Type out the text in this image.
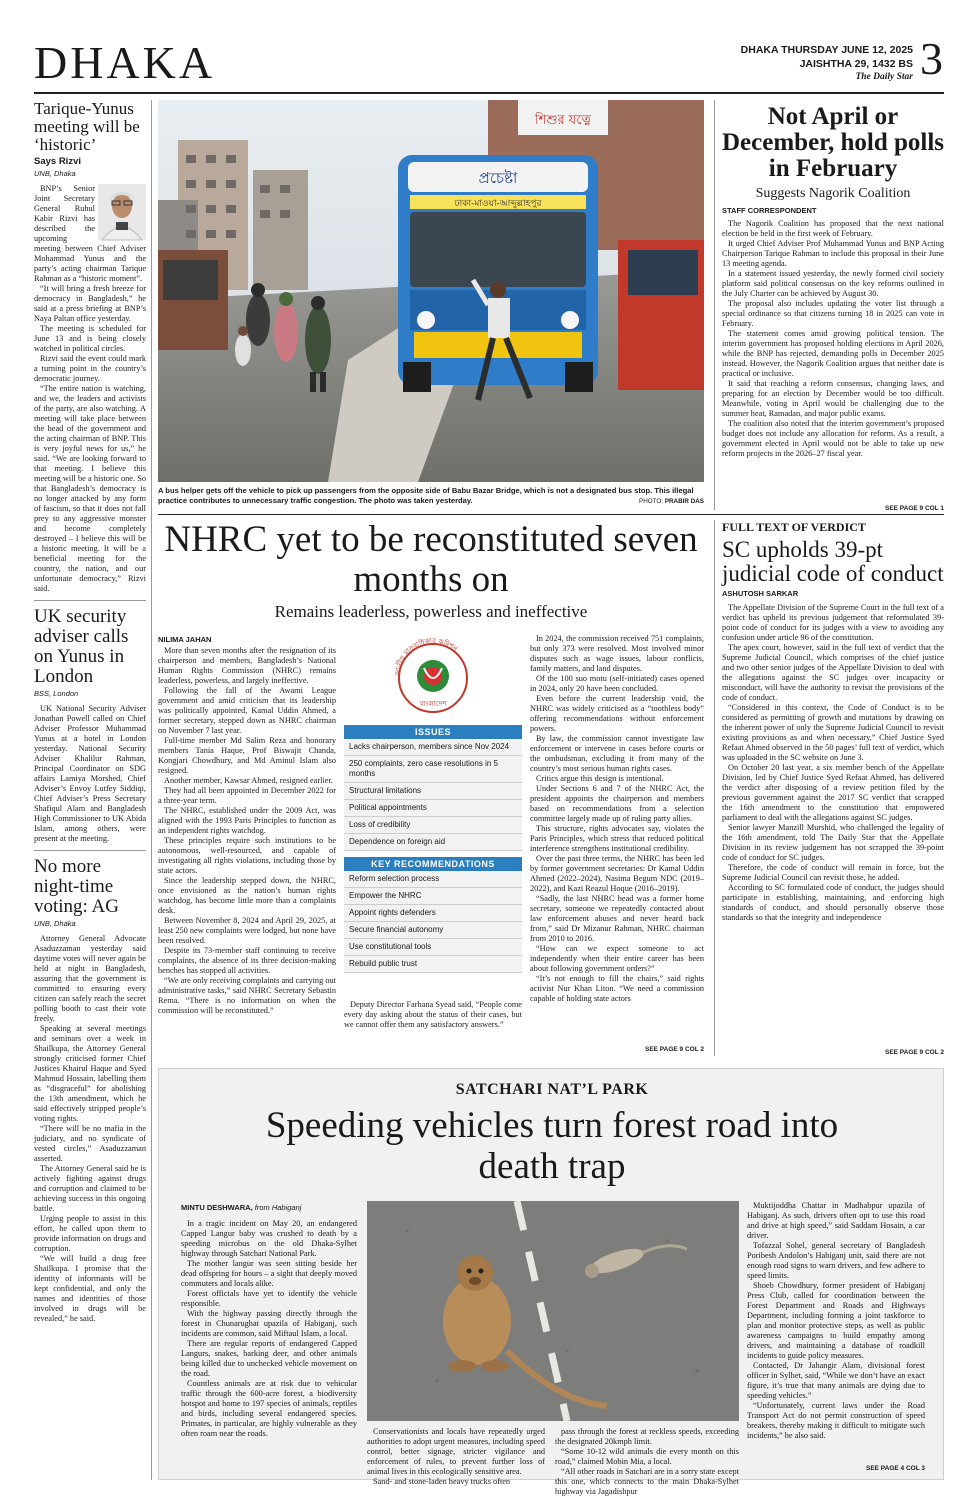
DHAKA	DHAKA THURSDAY JUNE 12, 2025
JAISHTHA 29, 1432 BS
The Daily Star 3
Tarique-Yunus meeting will be ‘historic’
Says Rizvi
UNB, Dhaka

BNP’s Senior Joint Secretary General Ruhul Kabir Rizvi has described the upcoming meeting between Chief Adviser Mohammad Yunus and the party’s acting chairman Tarique Rahman as a “historic moment”.

“It will bring a fresh breeze for democracy in Bangladesh,” he said at a press briefing at BNP’s Naya Paltan office yesterday.

The meeting is scheduled for June 13 and is being closely watched in political circles.

Rizvi said the event could mark a turning point in the country’s democratic journey.

“The entire nation is watching, and we, the leaders and activists of the party, are also watching. A meeting will take place between the head of the government and the acting chairman of BNP. This is very joyful news for us,” he said. “We are looking forward to that meeting. I believe this meeting will be a historic one. So that Bangladesh’s democracy is no longer attacked by any form of fascism, so that it does not fall prey to any aggressive monster and become completely destroyed – I believe this will be a historic meeting. It will be a beneficial meeting for the country, the nation, and our unfortunate democracy,” Rizvi said.

UK security adviser calls on Yunus in London
BSS, London

UK National Security Adviser Jonathan Powell called on Chief Adviser Professor Muhammad Yunus at a hotel in London yesterday. National Security Adviser Khalilur Rahman, Principal Coordinator on SDG affairs Lamiya Morshed, Chief Adviser’s Envoy Lutfey Siddiqi, Chief Adviser’s Press Secretary Shafiqul Alam and Bangladesh High Commissioner to UK Abida Islam, among others, were present at the meeting.

No more night-time voting: AG
UNB, Dhaka

Attorney General Advocate Asaduzzaman yesterday said daytime votes will never again be held at night in Bangladesh, assuring that the government is committed to ensuring every citizen can safely reach the secret polling booth to cast their vote freely.

Speaking at several meetings and seminars over a week in Shailkupa, the Attorney General strongly criticised former Chief Justices Khairul Haque and Syed Mahmud Hossain, labelling them as “disgraceful” for abolishing the 13th amendment, which he said effectively stripped people’s voting rights.

“There will be no mafia in the judiciary, and no syndicate of vested circles,” Asaduzzaman asserted.

The Attorney General said he is actively fighting against drugs and corruption and claimed to be achieving success in this ongoing battle.

Urging people to assist in this effort, he called upon them to provide information on drugs and corruption.

“We will build a drug free Shailkupa. I promise that the identity of informants will be kept confidential, and only the names and identities of those involved in drugs will be revealed,” he said.

শিশুর যত্নে
প্রচেষ্টা
ঢাকা-মাওয়া-আব্দুল্লাহপুর
A bus helper gets off the vehicle to pick up passengers from the opposite side of Babu Bazar Bridge, which is not a designated bus stop. This illegal practice contributes to unnecessary traffic congestion. The photo was taken yesterday.	PHOTO: PRABIR DAS
Not April or December, hold polls in February
Suggests Nagorik Coalition
STAFF CORRESPONDENT

The Nagorik Coalition has proposed that the next national election be held in the first week of February.

It urged Chief Adviser Prof Muhammad Yunus and BNP Acting Chairperson Tarique Rahman to include this proposal in their June 13 meeting agenda.

In a statement issued yesterday, the newly formed civil society platform said political consensus on the key reforms outlined in the July Charter can be achieved by August 30.

The proposal also includes updating the voter list through a special ordinance so that citizens turning 18 in 2025 can vote in February.

The statement comes amid growing political tension. The interim government has proposed holding elections in April 2026, while the BNP has rejected, demanding polls in December 2025 instead. However, the Nagorik Coalition argues that neither date is practical or inclusive.

It said that reaching a reform consensus, changing laws, and preparing for an election by December would be too difficult. Meanwhile, voting in April would be challenging due to the summer heat, Ramadan, and major public exams.

The coalition also noted that the interim government’s proposed budget does not include any allocation for reform. As a result, a government elected in April would not be able to take up new reform projects in the 2026–27 fiscal year.

SEE PAGE 9 COL 1
NHRC yet to be reconstituted seven months on
Remains leaderless, powerless and ineffective
NILIMA JAHAN

More than seven months after the resignation of its chairperson and members, Bangladesh’s National Human Rights Commission (NHRC) remains leaderless, powerless, and largely ineffective.

Following the fall of the Awami League government and amid criticism that its leadership was politically appointed, Kamal Uddin Ahmed, a former secretary, stepped down as NHRC chairman on November 7 last year.

Full-time member Md Salim Reza and honorary members Tania Haque, Prof Biswajit Chanda, Kongjari Chowdhury, and Md Aminul Islam also resigned.

Another member, Kawsar Ahmed, resigned earlier.

They had all been appointed in December 2022 for a three-year term.

The NHRC, established under the 2009 Act, was aligned with the 1993 Paris Principles to function as an independent rights watchdog.

These principles require such institutions to be autonomous, well-resourced, and capable of investigating all rights violations, including those by state actors.

Since the leadership stepped down, the NHRC, once envisioned as the nation’s human rights watchdog, has become little more than a complaints desk.

Between November 8, 2024 and April 29, 2025, at least 250 new complaints were lodged, but none have been resolved.

Despite its 73-member staff continuing to receive complaints, the absence of its three decision-making benches has stopped all activities.

“We are only receiving complaints and carrying out administrative tasks,” said NHRC Secretary Sebastin Rema. “There is no information on when the commission will be reconstituted.”

Deputy Director Farhana Syead said, “People come every day asking about the status of their cases, but we cannot offer them any satisfactory answers.”

জাতীয় মানবাধিকার কমিশন
বাংলাদেশ
ISSUES
Lacks chairperson, members since Nov 2024
250 complaints, zero case resolutions in 5 months
Structural limitations
Political appointments
Loss of credibility
Dependence on foreign aid
KEY RECOMMENDATIONS
Reform selection process
Empower the NHRC
Appoint rights defenders
Secure financial autonomy
Use constitutional tools
Rebuild public trust

In 2024, the commission received 751 complaints, but only 373 were resolved. Most involved minor disputes such as wage issues, labour conflicts, family matters, and land disputes.

Of the 100 suo motu (self-initiated) cases opened in 2024, only 20 have been concluded.

Even before the current leadership void, the NHRC was widely criticised as a “toothless body” offering recommendations without enforcement powers.

By law, the commission cannot investigate law enforcement or intervene in cases before courts or the ombudsman, excluding it from many of the country’s most serious human rights cases.

Critics argue this design is intentional.

Under Sections 6 and 7 of the NHRC Act, the president appoints the chairperson and members based on recommendations from a selection committee largely made up of ruling party allies.

This structure, rights advocates say, violates the Paris Principles, which stress that reduced political interference strengthens institutional credibility.

Over the past three terms, the NHRC has been led by former government secretaries: Dr Kamal Uddin Ahmed (2022–2024), Nasima Begum NDC (2019–2022), and Kazi Reazul Hoque (2016–2019).

“Sadly, the last NHRC head was a former home secretary, someone we repeatedly contacted about law enforcement abuses and never heard back from,” said Dr Mizanur Rahman, NHRC chairman from 2010 to 2016.

“How can we expect someone to act independently when their entire career has been about following government orders?”

“It’s not enough to fill the chairs,” said rights activist Nur Khan Liton. “We need a commission capable of holding state actors

SEE PAGE 9 COL 2
FULL TEXT OF VERDICT
SC upholds 39-pt judicial code of conduct
ASHUTOSH SARKAR

The Appellate Division of the Supreme Court in the full text of a verdict has upheld its previous judgement that reformulated 39-point code of conduct for its judges with a view to avoiding any confusion under article 96 of the constitution.

The apex court, however, said in the full text of verdict that the Supreme Judicial Council, which comprises of the chief justice and two other senior judges of the Appellate Division to deal with the allegations against the SC judges over incapacity or misconduct, will have the authority to revisit the provisions of the code of conduct.

“Considered in this context, the Code of Conduct is to be considered as permitting of growth and mutations by drawing on the inherent power of only the Supreme Judicial Council to revisit existing provisions as and when necessary,” Chief Justice Syed Refaat Ahmed observed in the 50 pages’ full text of verdict, which was uploaded in the SC website on June 3.

On October 20 last year, a six member bench of the Appellate Division, led by Chief Justice Syed Refaat Ahmed, has delivered the verdict after disposing of a review petition filed by the previous government against the 2017 SC verdict that scrapped the 16th amendment to the constitution that empowered parliament to deal with the allegations against SC judges.

Senior lawyer Manzill Murshid, who challenged the legality of the 16th amendment, told The Daily Star that the Appellate Division in its review judgement has not scrapped the 39-point code of conduct for SC judges.

Therefore, the code of conduct will remain in force, but the Supreme Judicial Council can revisit those, he added.

According to SC formulated code of conduct, the judges should participate in establishing, maintaining, and enforcing high standards of conduct, and should personally observe those standards so that the integrity and independence

SEE PAGE 9 COL 2
SATCHARI NAT’L PARK
Speeding vehicles turn forest road into death trap
MINTU DESHWARA, from Habiganj

In a tragic incident on May 20, an endangered Capped Langur baby was crushed to death by a speeding microbus on the old Dhaka-Sylhet highway through Satchari National Park.

The mother langur was seen sitting beside her dead offspring for hours – a sight that deeply moved commuters and locals alike.

Forest officials have yet to identify the vehicle responsible.

With the highway passing directly through the forest in Chunarughat upazila of Habiganj, such incidents are common, said Miftaul Islam, a local.

There are regular reports of endangered Capped Langurs, snakes, barking deer, and other animals being killed due to unchecked vehicle movement on the road.

Countless animals are at risk due to vehicular traffic through the 600-acre forest, a biodiversity hotspot and home to 197 species of animals, reptiles and birds, including several endangered species. Primates, in particular, are highly vulnerable as they often roam near the roads.	Conservationists and locals have repeatedly urged authorities to adopt urgent measures, including speed control, better signage, stricter vigilance and enforcement of rules, to prevent further loss of animal lives in this ecologically sensitive area.

Sand- and stone-laden heavy trucks often

pass through the forest at reckless speeds, exceeding the designated 20kmph limit.

“Some 10-12 wild animals die every month on this road,” claimed Mobin Mia, a local.

“All other roads in Satchari are in a sorry state except this one, which connects to the main Dhaka-Sylhet highway via Jagadishpur

Muktijoddha Chattar in Madhabpur upazila of Habiganj. As such, drivers often opt to use this road and drive at high speed,” said Saddam Hosain, a car driver.

Tofazzal Sohel, general secretary of Bangladesh Poribesh Andolon’s Habiganj unit, said there are not enough road signs to warn drivers, and few adhere to speed limits.

Shoeb Chowdhury, former president of Habiganj Press Club, called for coordination between the Forest Department and Roads and Highways Department, including forming a joint taskforce to plan and monitor protective steps, as well as public awareness campaigns to build empathy among drivers, and maintaining a database of roadkill incidents to guide policy measures.

Contacted, Dr Jahangir Alam, divisional forest officer in Sylhet, said, “While we don’t have an exact figure, it’s true that many animals are dying due to speeding vehicles.”

“Unfortunately, current laws under the Road Transport Act do not permit construction of speed breakers, thereby making it difficult to mitigate such incidents,” he also said.

SEE PAGE 4 COL 3
